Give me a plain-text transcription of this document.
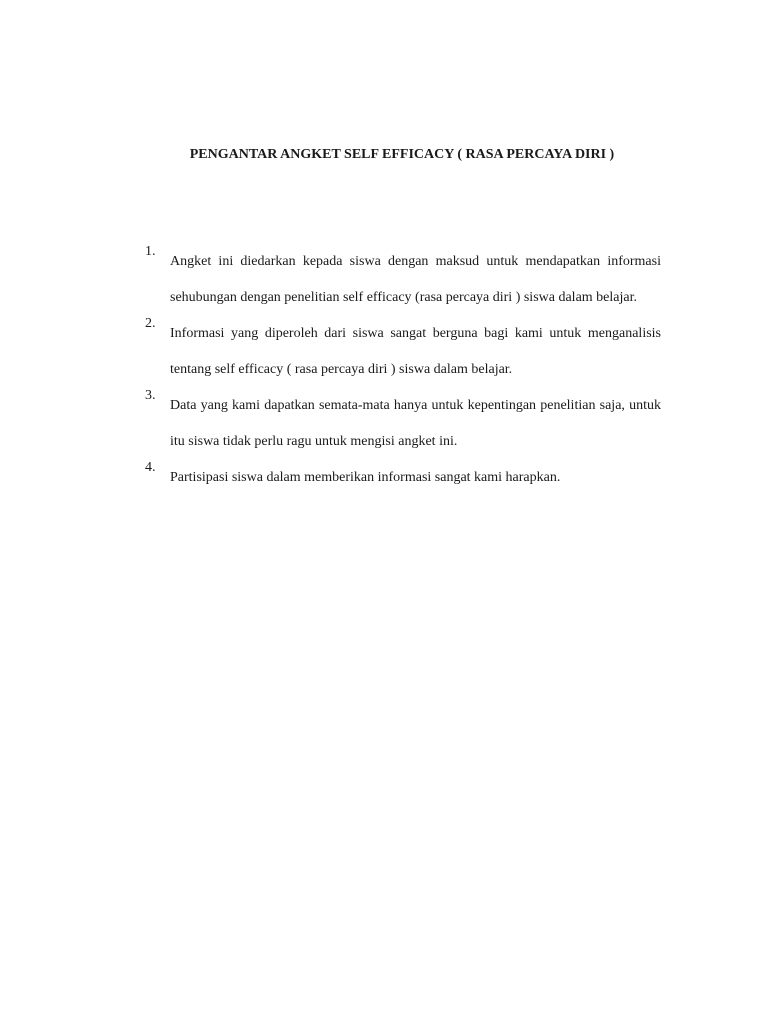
PENGANTAR ANGKET SELF EFFICACY ( RASA PERCAYA DIRI )
1.
Angket ini diedarkan kepada siswa dengan maksud untuk mendapatkan informasi sehubungan dengan penelitian self efficacy (rasa percaya diri ) siswa dalam belajar.
2.
Informasi yang diperoleh dari siswa sangat berguna bagi kami untuk menganalisis tentang self efficacy ( rasa percaya diri ) siswa dalam belajar.
3.
Data yang kami dapatkan semata-mata hanya untuk kepentingan penelitian saja, untuk itu siswa tidak perlu ragu untuk mengisi angket ini.
4.
Partisipasi siswa dalam memberikan informasi sangat kami harapkan.
